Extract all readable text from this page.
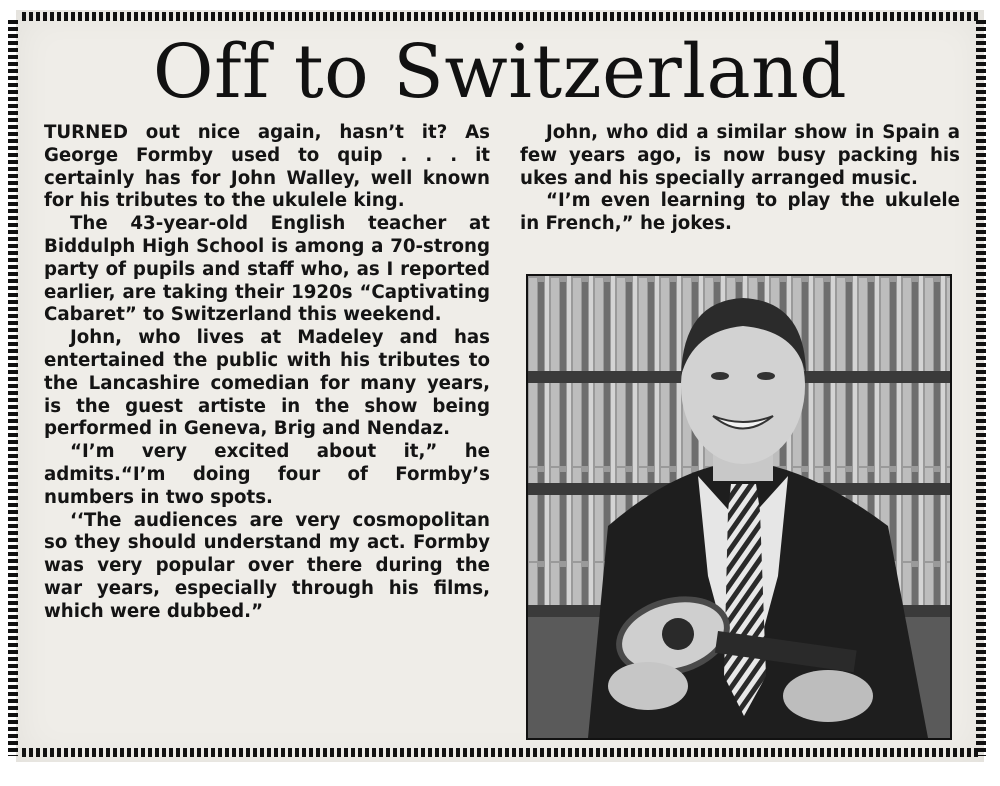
Off to Switzerland

TURNED out nice again, hasn’t it? As George Formby used to quip . . . it certainly has for John Walley, well known for his tributes to the ukulele king.

The 43-year-old English teacher at Biddulph High School is among a 70-strong party of pupils and staff who, as I reported earlier, are taking their 1920s “Captivating Cabaret” to Switzerland this weekend.

John, who lives at Madeley and has entertained the public with his tributes to the Lancashire comedian for many years, is the guest artiste in the show being performed in Geneva, Brig and Nendaz.

“I’m very excited about it,” he admits.“I’m doing four of Formby’s numbers in two spots.

‘‘The audiences are very cosmopolitan so they should understand my act. Formby was very popular over there during the war years, especially through his films, which were dubbed.”

John, who did a similar show in Spain a few years ago, is now busy packing his ukes and his specially arranged music.

“I’m even learning to play the ukulele in French,” he jokes.
